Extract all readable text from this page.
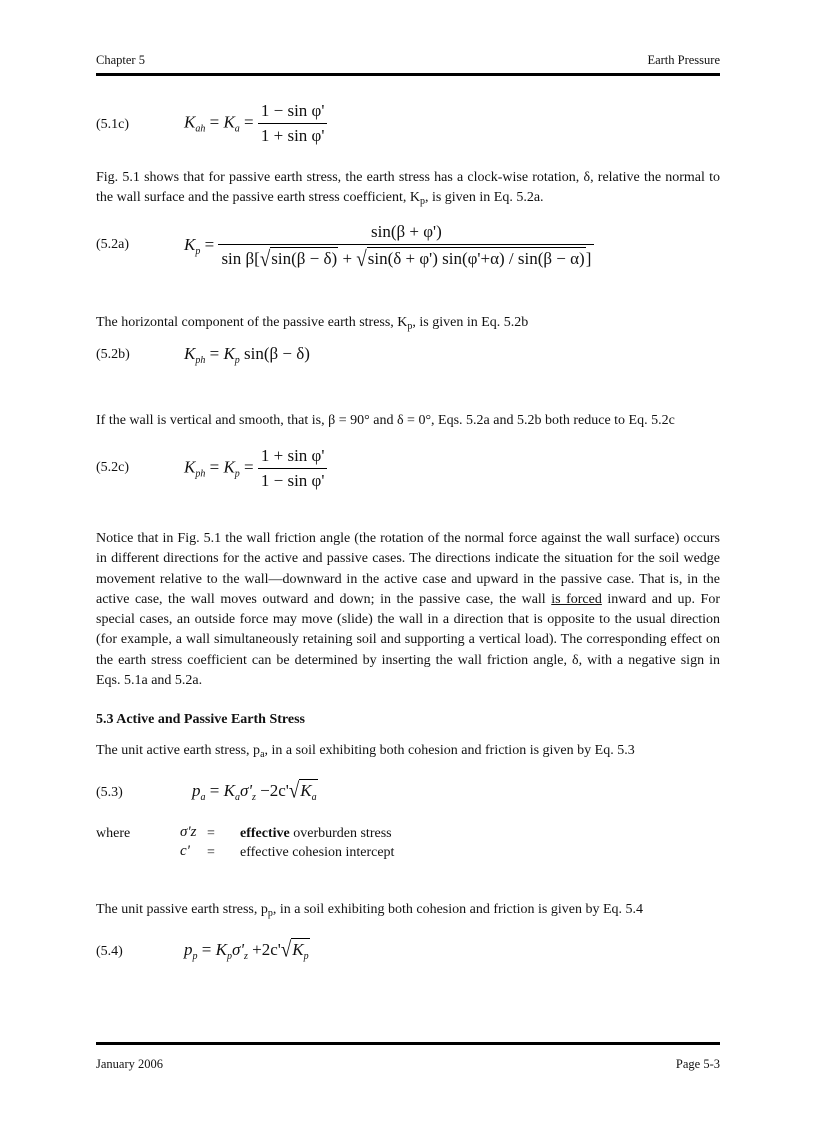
Chapter 5	Earth Pressure
(5.1c)	$K_{ah} = K_a = \frac{\text{1 − sin φ'}}{\text{1 + sin φ'}}$
Fig. 5.1 shows that for passive earth stress, the earth stress has a clock-wise rotation, δ, relative the normal to the wall surface and the passive earth stress coefficient, $K_p$, is given in Eq. 5.2a.
(5.2a)	$K_p = \frac{\sin(\beta + \varphi')}{\text{sin β[√sin(β − δ) + √sin(δ + φ') sin(φ'+α) / sin(β − α)]}}$
The horizontal component of the passive earth stress, $K_p$, is given in Eq. 5.2b
(5.2b)	$K_{ph} = K_p$ sin(β − δ)
If the wall is vertical and smooth, that is, β = 90° and δ = 0°, Eqs. 5.2a and 5.2b both reduce to Eq. 5.2c
(5.2c)	$K_{ph} = K_p = \frac{\text{1 + sin φ'}}{\text{1 − sin φ'}}$
Notice that in Fig. 5.1 the wall friction angle (the rotation of the normal force against the wall surface) occurs in different directions for the active and passive cases. The directions indicate the situation for the soil wedge movement relative to the wall—downward in the active case and upward in the passive case. That is, in the active case, the wall moves outward and down; in the passive case, the wall is forced inward and up. For special cases, an outside force may move (slide) the wall in a direction that is opposite to the usual direction (for example, a wall simultaneously retaining soil and supporting a vertical load). The corresponding effect on the earth stress coefficient can be determined by inserting the wall friction angle, δ, with a negative sign in Eqs. 5.1a and 5.2a.
5.3 Active and Passive Earth Stress
The unit active earth stress, $p_a$, in a soil exhibiting both cohesion and friction is given by Eq. 5.3
(5.3)	$p_a = K_a\sigma'_z -2c'√K_a$
where	σ'z = effective overburden stress
c' = effective cohesion intercept
The unit passive earth stress, $p_p$, in a soil exhibiting both cohesion and friction is given by Eq. 5.4
(5.4)	$p_p = K_p\sigma'_z +2c'√K_p$
January 2006	Page 5-3
